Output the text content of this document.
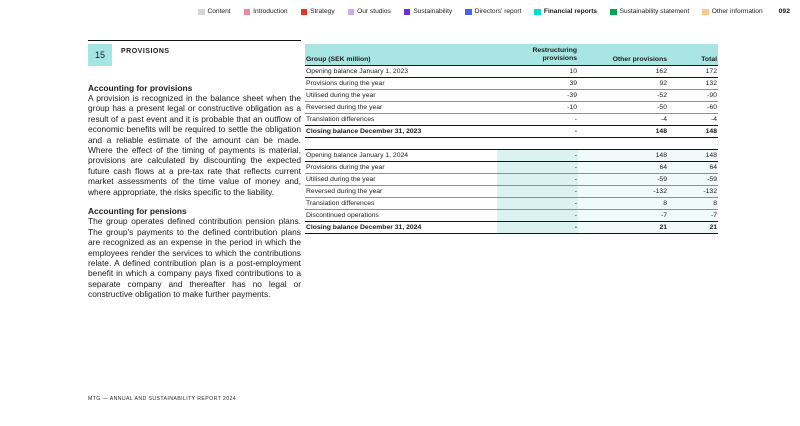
Content	Introduction	Strategy	Our studios	Sustainability	Directors' report	Financial reports	Sustainability statement	Other information 092
15	PROVISIONS
Accounting for provisions

A provision is recognized in the balance sheet when the group has a present legal or constructive obligation as a result of a past event and it is probable that an outflow of economic benefits will be required to settle the obligation and a reliable estimate of the amount can be made. Where the effect of the timing of payments is material, provisions are calculated by discounting the expected future cash flows at a pre-tax rate that reflects current market assessments of the time value of money and, where appropriate, the risks specific to the liability.

Accounting for pensions

The group operates defined contribution pension plans. The group's payments to the defined contribution plans are recognized as an expense in the period in which the employees render the services to which the contributions relate. A defined contribution plan is a post-employment benefit in which a company pays fixed contributions to a separate company and thereafter has no legal or constructive obligation to make further payments.

Group (SEK million)
Restructuring provisions	Other provisions	Total
Opening balance January 1, 2023	10	162	172
Provisions during the year	39	92	132
Utilised during the year	-39	-52	-90
Reversed during the year	-10	-50	-60
Translation differences	-	-4	-4
Closing balance December 31, 2023	-	148	148
Opening balance January 1, 2024	-	148	148
Provisions during the year	-	64	64
Utilised during the year	-	-59	-59
Reversed during the year	-	-132	-132
Translation differences	-	8	8
Discontinued operations	-	-7	-7
Closing balance December 31, 2024	-	21	21
MTG — ANNUAL AND SUSTAINABILITY REPORT 2024
